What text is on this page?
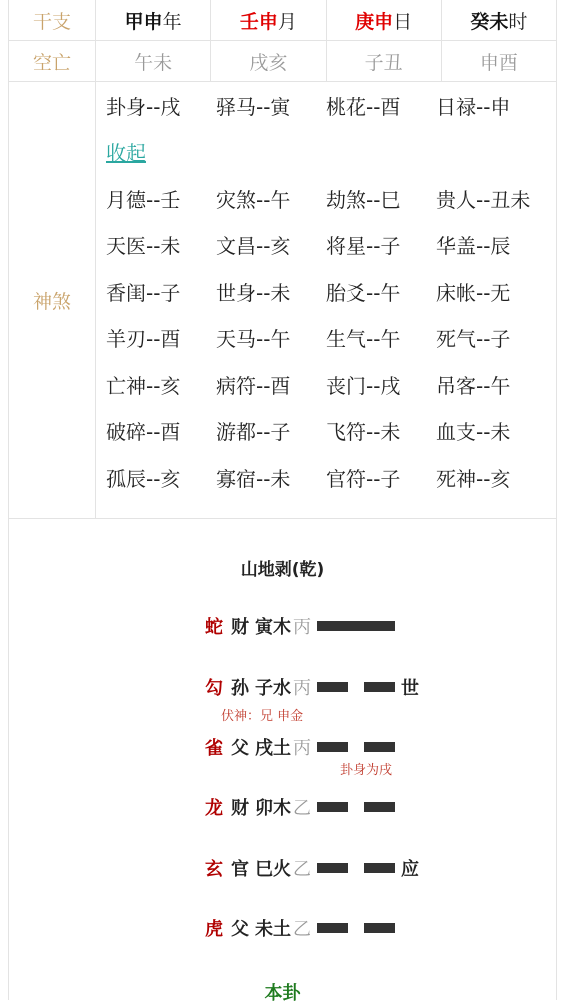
干支	甲 申 年	壬 申 月	庚 申 日	癸 未 时
空亡	午未	戌亥	子丑	申酉
神煞
卦身--戌	驿马--寅	桃花--酉	日禄--申
收起
月德--壬	灾煞--午	劫煞--巳	贵人--丑未
天医--未	文昌--亥	将星--子	华盖--辰
香闺--子	世身--未	胎爻--午	床帐--无
羊刃--酉	天马--午	生气--午	死气--子
亡神--亥	病符--酉	丧门--戌	吊客--午
破碎--酉	游都--子	飞符--未	血支--未
孤辰--亥	寡宿--未	官符--子	死神--亥
山地剥(乾)
蛇 财 寅木 丙
勾 孙 子水 丙	世
伏神：兄 申金
雀 父 戌土 丙
卦身为戌
龙 财 卯木 乙
玄 官 巳火 乙	应
虎 父 未土 乙
本卦
